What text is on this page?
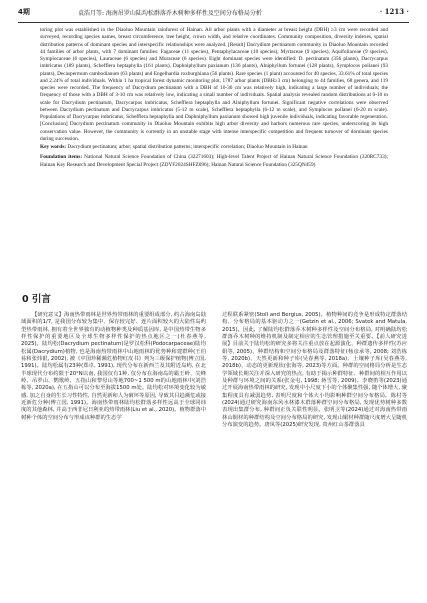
4期	袁浩月等: 海南吊罗山陆均松群落乔木树种多样性及空间分布格局分析	· 1213 ·

toring plot was established in the Diaoluo Mountain rainforest of Hainan. All arbor plants with a diameter at breast height (DBH) ≥3 cm were recorded and surveyed, recording species names, breast circumference, tree height, crown width, and relative coordinates. Community composition, diversity indexes, spatial distribution patterns of dominant species and interspecific relationships were analyzed. [Result] Dacrydium pectinatum community in Diaoluo Mountain recorded 44 families of arbor plants, with 7 dominant families: Fagaceae (11 species), Pentaphylacaceae (10 species), Myrtaceae (9 species), Aquifoliaceae (9 species), Symplocaceae (6 species), Lauraceae (6 species) and Moraceae (6 species). Eight dominant species were identified: D. pectinatum (356 plants), Dacrycarpus imbricatus (189 plants), Schefflera heptaphylla (161 plants), Daphniphyllum paxianum (136 plants), Alniphyllum fortunei (128 plants), Symplocos poilanei (93 plants), Decaspermum cambodianum (63 plants) and Engelhardia roxburghiana (56 plants). Rare species (1 plant) accounted for 40 species, 33.61% of total species and 2.24% of total individuals. Within 1 ha tropical forest dynamic monitoring plot, 1787 arbor plants (DBH≥3 cm) belonging to 44 families, 68 genera, and 119 species were recorded. The frequency of Dacrydium pectinatum with a DBH of 10-30 cm was relatively high, indicating a large number of individuals; the frequency of those with a DBH of 3-10 cm was relatively low, indicating a small number of individuals. Spatial analysis revealed random distributions at 0-10 m scale for Dacrydium pectinatum, Dacrycarpus imbricatus, Schefflera heptaphylla and Alniphyllum fortunei. Significant negative correlations were observed between Dacrydium pectinatum and Dacrycarpus imbricatus (5-12 m scale), Schefflera heptaphylla (6-12 m scale), and Symplocos poilanei (6-20 m scale). Populations of Dacrycarpus imbricatus, Schefflera heptaphylla and Daphniphyllum paxianum showed high juvenile individuals, indicating favorable regeneration. [Conclusion] Dacrydium pectinatum community in Diaoluo Mountain exhibits high arbor diversity and harbors numerous rare species, underscoring its high conservation value. However, the community is currently in an unstable stage with intense interspecific competition and frequent turnover of dominant species during succession.

Key words: Dacrydium pectinatum; arbor; spatial distribution patterns; interspecific correlation; Diaoluo Mountain in Hainan

Foundation items: National Natural Science Foundation of China (32271603); High-level Talent Project of Hainan Natural Science Foundation (320RC733); Hainan Key Research and Development Special Project (ZDYF2024SHFZ096); Hainan Natural Science Foundation (325QN459)

0 引言

【研究意义】海南热带雨林是世界热带雨林的重要组成部分, 约占海南岛陆域面积的1/7, 是我国分布较为集中、保存较完好、连片面积较大的大陆性岛屿型热带雨林, 拥有着全世界独有的动植物种类及种质基因库, 是中国热带生物多样性保护的重要地区及全球生物多样性保护的热点地区之一(杜春燕等, 2025)。陆均松(Dacrydium pectinatum)是罗汉松科(Podocarpaceae)陆均松属(Dacrydium)植物, 也是海南热带雨林中山地雨林的优势种和建群种(王伯荪和张炜银, 2002), 被《中国珍稀濒危植物红皮书》列为三级保护植物(傅立国, 1991)。陆均松属有23种(郑卓, 1991), 现代分布在新西兰及其附近岛屿, 在北半球现代分布约限于20°N以南, 我国仅有1种, 仅分布在海南岛的霸王岭、尖峰岭、吊罗山、鹦歌岭、五指山和黎母山等地700~1 500 m的山地雨林中(刘浩栋等, 2020a), 在五指山可以分布至海拔1500 m处。陆均松对环境变化较为敏感, 加之自身的生长习性特性, 自然更新和人为破坏等原因, 导致其目趋濒危或接近新危分种(傅立国, 1991)。海南热带雨林陆均松群落多样性远高于全球同纬度的其他森林, 并高于西非尼日利亚的热带雨林(Liu et al., 2020)。植物群落中树种个体的空间分布与形成该种群的生态学

过程联系紧密(Stoll and Bergius, 2005)。植物种间的竞争是形成特定群落结构、分布格局的基本驱动力之一(Getzin et al., 2006; Svatek and Matula, 2015)。因此, 了解陆均松群落乔木树种多样性及空间分布格局, 对明确陆均松群落乔木树种的维持机制及制定相应的生态管理措施至关重要。【前人研究进展】目前关于陆均松的研究多将关注重点放在起源演化、种群遗传多样性(苏应娟等, 2005)、种群结构和空间分布格局及群落特征(杨彦承等, 2008; 刘浩栋等, 2020b)、天然更新和种子库(吴春燕等, 2018a)、土壤种子库(吴春燕等, 2018b)、动态的更新现状(张海等, 2023)等方面。种群的空间格局分析是生态学领域长期关注并深入研究的热点, 有助于揭示种群特征、种群间的相互作用以及种群与环境之间的关系(张金屯, 1998; 蒋雪等, 2009)。李晓笛等(2023)通过开展海南热带雨林的研究, 发现中小尺度下小的个体聚集性强, 随个体增大, 聚集程度具有减弱趋势, 表明尺度和个体大小均影响种群空间分布格局。陈村等(2024)通过研究海南东风水林漆木群落种群空间分布格局, 发现优势树种多数表现出集群分布, 种群间正负关联性明显。张明卫等(2024)通过对海南热带雨林山铜材的种群结构及空间分布格局的研究, 发现山铜材种群随尺度增大呈随机分布演变的趋势。唐凤等(2025)研究发现, 贵州红山茶群落具
